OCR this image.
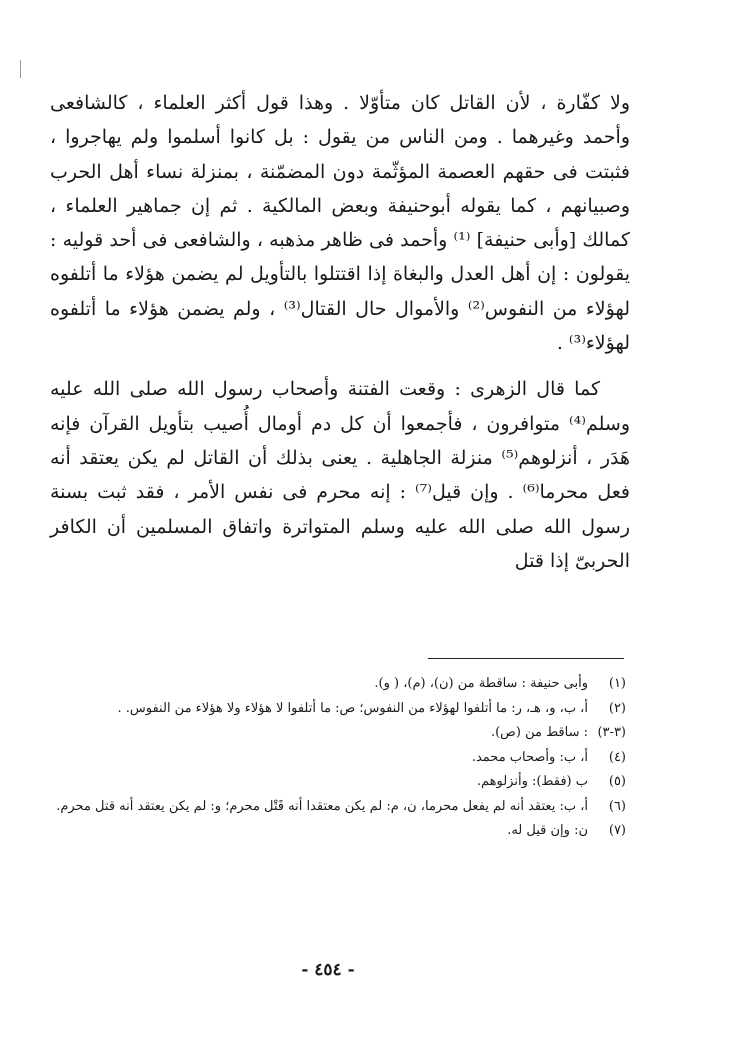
ولا كفّارة ، لأن القاتل كان متأوّلا . وهذا قول أكثر العلماء ، كالشافعى وأحمد وغيرهما . ومن الناس من يقول : بل كانوا أسلموا ولم يهاجروا ، فثبتت فى حقهم العصمة المؤثّمة دون المضمّنة ، بمنزلة نساء أهل الحرب وصبيانهم ، كما يقوله أبوحنيفة وبعض المالكية . ثم إن جماهير العلماء ، كمالك [وأبى حنيفة] ⁽¹⁾ وأحمد فى ظاهر مذهبه ، والشافعى فى أحد قوليه : يقولون : إن أهل العدل والبغاة إذا اقتتلوا بالتأويل لم يضمن هؤلاء ما أتلفوه لهؤلاء من النفوس⁽²⁾ والأموال حال القتال⁽³⁾ ، ولم يضمن هؤلاء ما أتلفوه لهؤلاء⁽³⁾ .

كما قال الزهرى : وقعت الفتنة وأصحاب رسول الله صلى الله عليه وسلم⁽⁴⁾ متوافرون ، فأجمعوا أن كل دم أومال أُصيب بتأويل القرآن فإنه هَدَر ، أنزلوهم⁽⁵⁾ منزلة الجاهلية . يعنى بذلك أن القاتل لم يكن يعتقد أنه فعل محرما⁽⁶⁾ . وإن قيل⁽⁷⁾ : إنه محرم فى نفس الأمر ، فقد ثبت بسنة رسول الله صلى الله عليه وسلم المتواترة واتفاق المسلمين أن الكافر الحربىّ إذا قتل

(١)
وأبى حنيفة : ساقطة من (ن)، (م)، ( و).
(٢)
أ، ب، و، هـ، ر: ما أتلفوا لهؤلاء من النفوس؛ ص: ما أتلفوا لا هؤلاء ولا هؤلاء من النفوس. .
(٣-٣)
: ساقط من (ص).
(٤)
أ، ب: وأصحاب محمد.
(٥)
ب (فقط): وأنزلوهم.
(٦)
أ، ب: يعتقد أنه لم يفعل محرما، ن، م: لم يكن معتقدا أنه قَتْل محرم؛ و: لم يكن يعتقد أنه قتل محرم.
(٧)
ن: وإن قيل له.
- ٤٥٤ -
